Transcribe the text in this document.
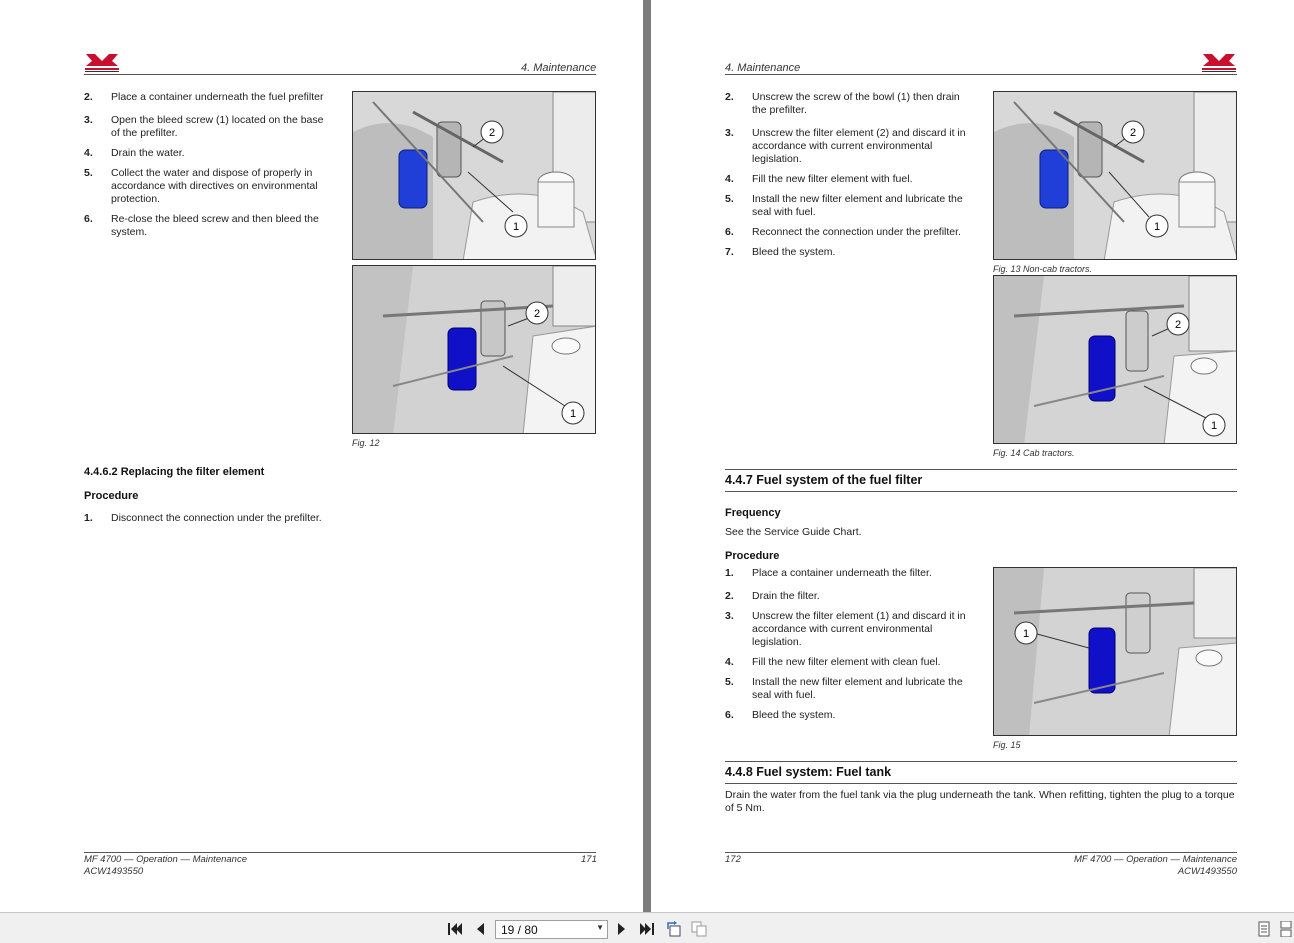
4. Maintenance
2.	Place a container underneath the fuel prefilter
3.	Open the bleed screw (1) located on the base of the prefilter.
4.	Drain the water.
5.	Collect the water and dispose of properly in accordance with directives on environmental protection.
6.	Re-close the bleed screw and then bleed the system.	1
2
1
2
Fig. 12
4.4.6.2 Replacing the filter element
Procedure
1.	Disconnect the connection under the prefilter.
MF 4700 — Operation — Maintenance
ACW1493550
171
4. Maintenance
2.	Unscrew the screw of the bowl (1) then drain the prefilter.
3.	Unscrew the filter element (2) and discard it in accordance with current environmental legislation.
4.	Fill the new filter element with fuel.
5.	Install the new filter element and lubricate the seal with fuel.
6.	Reconnect the connection under the prefilter.
7.	Bleed the system.
1
2
Fig. 13 Non-cab tractors.
1
2
Fig. 14 Cab tractors.
4.4.7 Fuel system of the fuel filter
Frequency
See the Service Guide Chart.
Procedure
1.	Place a container underneath the filter.
2.	Drain the filter.
3.	Unscrew the filter element (1) and discard it in accordance with current environmental legislation.
4.	Fill the new filter element with clean fuel.
5.	Install the new filter element and lubricate the seal with fuel.
6.	Bleed the system.
1
Fig. 15
4.4.8 Fuel system: Fuel tank
Drain the water from the fuel tank via the plug underneath the tank. When refitting, tighten the plug to a torque of 5 Nm.
172	MF 4700 — Operation — Maintenance
ACW1493550
19 / 80	▼
